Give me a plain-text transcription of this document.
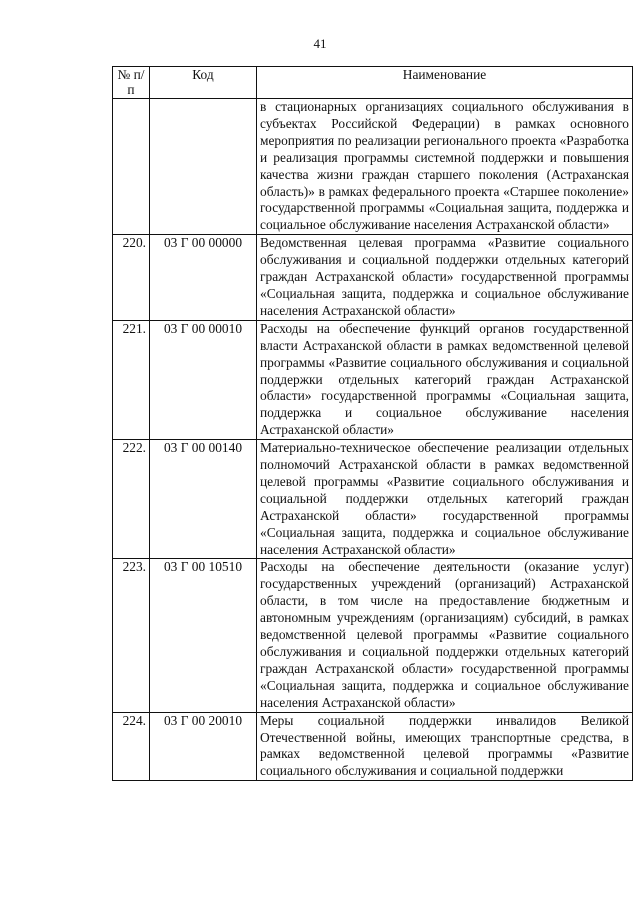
41
№ п/п	Код	Наименование
		в стационарных организациях социального обслуживания в субъектах Российской Федерации) в рамках основного мероприятия по реализации регионального проекта «Разработка и реализация программы системной поддержки и повышения качества жизни граждан старшего поколения (Астраханская область)» в рамках федерального проекта «Старшее поколение» государственной программы «Социальная защита, поддержка и социальное обслуживание населения Астраханской области»
220.	03 Г 00 00000	Ведомственная целевая программа «Развитие социального обслуживания и социальной поддержки отдельных категорий граждан Астраханской области» государственной программы «Социальная защита, поддержка и социальное обслуживание населения Астраханской области»
221.	03 Г 00 00010	Расходы на обеспечение функций органов государственной власти Астраханской области в рамках ведомственной целевой программы «Развитие социального обслуживания и социальной поддержки отдельных категорий граждан Астраханской области» государственной программы «Социальная защита, поддержка и социальное обслуживание населения Астраханской области»
222.	03 Г 00 00140	Материально-техническое обеспечение реализации отдельных полномочий Астраханской области в рамках ведомственной целевой программы «Развитие социального обслуживания и социальной поддержки отдельных категорий граждан Астраханской области» государственной программы «Социальная защита, поддержка и социальное обслуживание населения Астраханской области»
223.	03 Г 00 10510	Расходы на обеспечение деятельности (оказание услуг) государственных учреждений (организаций) Астраханской области, в том числе на предоставление бюджетным и автономным учреждениям (организациям) субсидий, в рамках ведомственной целевой программы «Развитие социального обслуживания и социальной поддержки отдельных категорий граждан Астраханской области» государственной программы «Социальная защита, поддержка и социальное обслуживание населения Астраханской области»
224.	03 Г 00 20010	Меры социальной поддержки инвалидов Великой Отечественной войны, имеющих транспортные средства, в рамках ведомственной целевой программы «Развитие социального обслуживания и социальной поддержки
